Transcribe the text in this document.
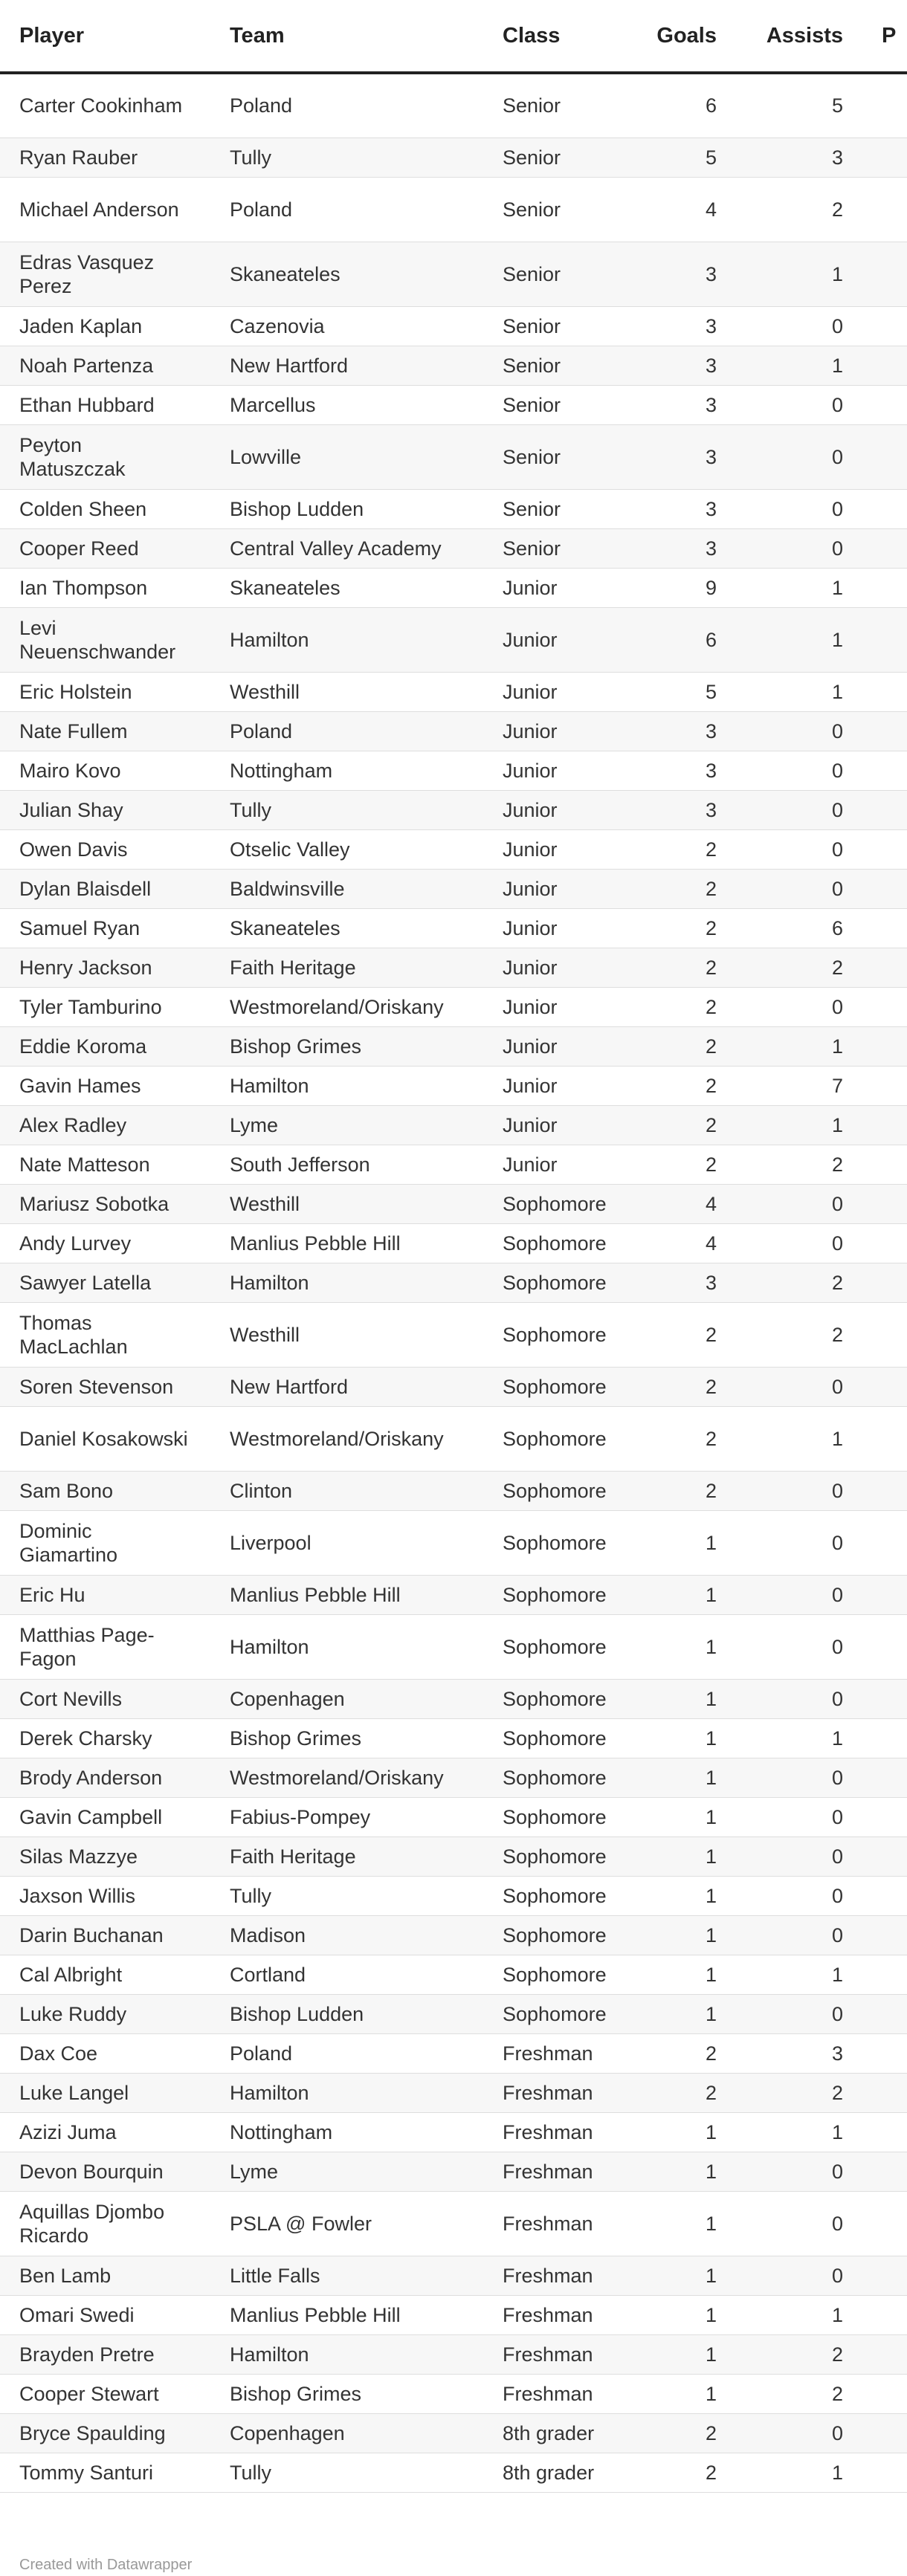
Player	Team	Class	Goals	Assists	P
Carter Cookinham	Poland	Senior	6	5	
Ryan Rauber	Tully	Senior	5	3	
Michael Anderson	Poland	Senior	4	2	
Edras Vasquez Perez	Skaneateles	Senior	3	1	
Jaden Kaplan	Cazenovia	Senior	3	0	
Noah Partenza	New Hartford	Senior	3	1	
Ethan Hubbard	Marcellus	Senior	3	0	
Peyton Matuszczak	Lowville	Senior	3	0	
Colden Sheen	Bishop Ludden	Senior	3	0	
Cooper Reed	Central Valley Academy	Senior	3	0	
Ian Thompson	Skaneateles	Junior	9	1	
Levi Neuenschwander	Hamilton	Junior	6	1	
Eric Holstein	Westhill	Junior	5	1	
Nate Fullem	Poland	Junior	3	0	
Mairo Kovo	Nottingham	Junior	3	0	
Julian Shay	Tully	Junior	3	0	
Owen Davis	Otselic Valley	Junior	2	0	
Dylan Blaisdell	Baldwinsville	Junior	2	0	
Samuel Ryan	Skaneateles	Junior	2	6	
Henry Jackson	Faith Heritage	Junior	2	2	
Tyler Tamburino	Westmoreland/Oriskany	Junior	2	0	
Eddie Koroma	Bishop Grimes	Junior	2	1	
Gavin Hames	Hamilton	Junior	2	7	
Alex Radley	Lyme	Junior	2	1	
Nate Matteson	South Jefferson	Junior	2	2	
Mariusz Sobotka	Westhill	Sophomore	4	0	
Andy Lurvey	Manlius Pebble Hill	Sophomore	4	0	
Sawyer Latella	Hamilton	Sophomore	3	2	
Thomas MacLachlan	Westhill	Sophomore	2	2	
Soren Stevenson	New Hartford	Sophomore	2	0	
Daniel Kosakowski	Westmoreland/Oriskany	Sophomore	2	1	
Sam Bono	Clinton	Sophomore	2	0	
Dominic Giamartino	Liverpool	Sophomore	1	0	
Eric Hu	Manlius Pebble Hill	Sophomore	1	0	
Matthias Page-Fagon	Hamilton	Sophomore	1	0	
Cort Nevills	Copenhagen	Sophomore	1	0	
Derek Charsky	Bishop Grimes	Sophomore	1	1	
Brody Anderson	Westmoreland/Oriskany	Sophomore	1	0	
Gavin Campbell	Fabius-Pompey	Sophomore	1	0	
Silas Mazzye	Faith Heritage	Sophomore	1	0	
Jaxson Willis	Tully	Sophomore	1	0	
Darin Buchanan	Madison	Sophomore	1	0	
Cal Albright	Cortland	Sophomore	1	1	
Luke Ruddy	Bishop Ludden	Sophomore	1	0	
Dax Coe	Poland	Freshman	2	3	
Luke Langel	Hamilton	Freshman	2	2	
Azizi Juma	Nottingham	Freshman	1	1	
Devon Bourquin	Lyme	Freshman	1	0	
Aquillas Djombo Ricardo	PSLA @ Fowler	Freshman	1	0	
Ben Lamb	Little Falls	Freshman	1	0	
Omari Swedi	Manlius Pebble Hill	Freshman	1	1	
Brayden Pretre	Hamilton	Freshman	1	2	
Cooper Stewart	Bishop Grimes	Freshman	1	2	
Bryce Spaulding	Copenhagen	8th grader	2	0	
Tommy Santuri	Tully	8th grader	2	1	
Created with Datawrapper
